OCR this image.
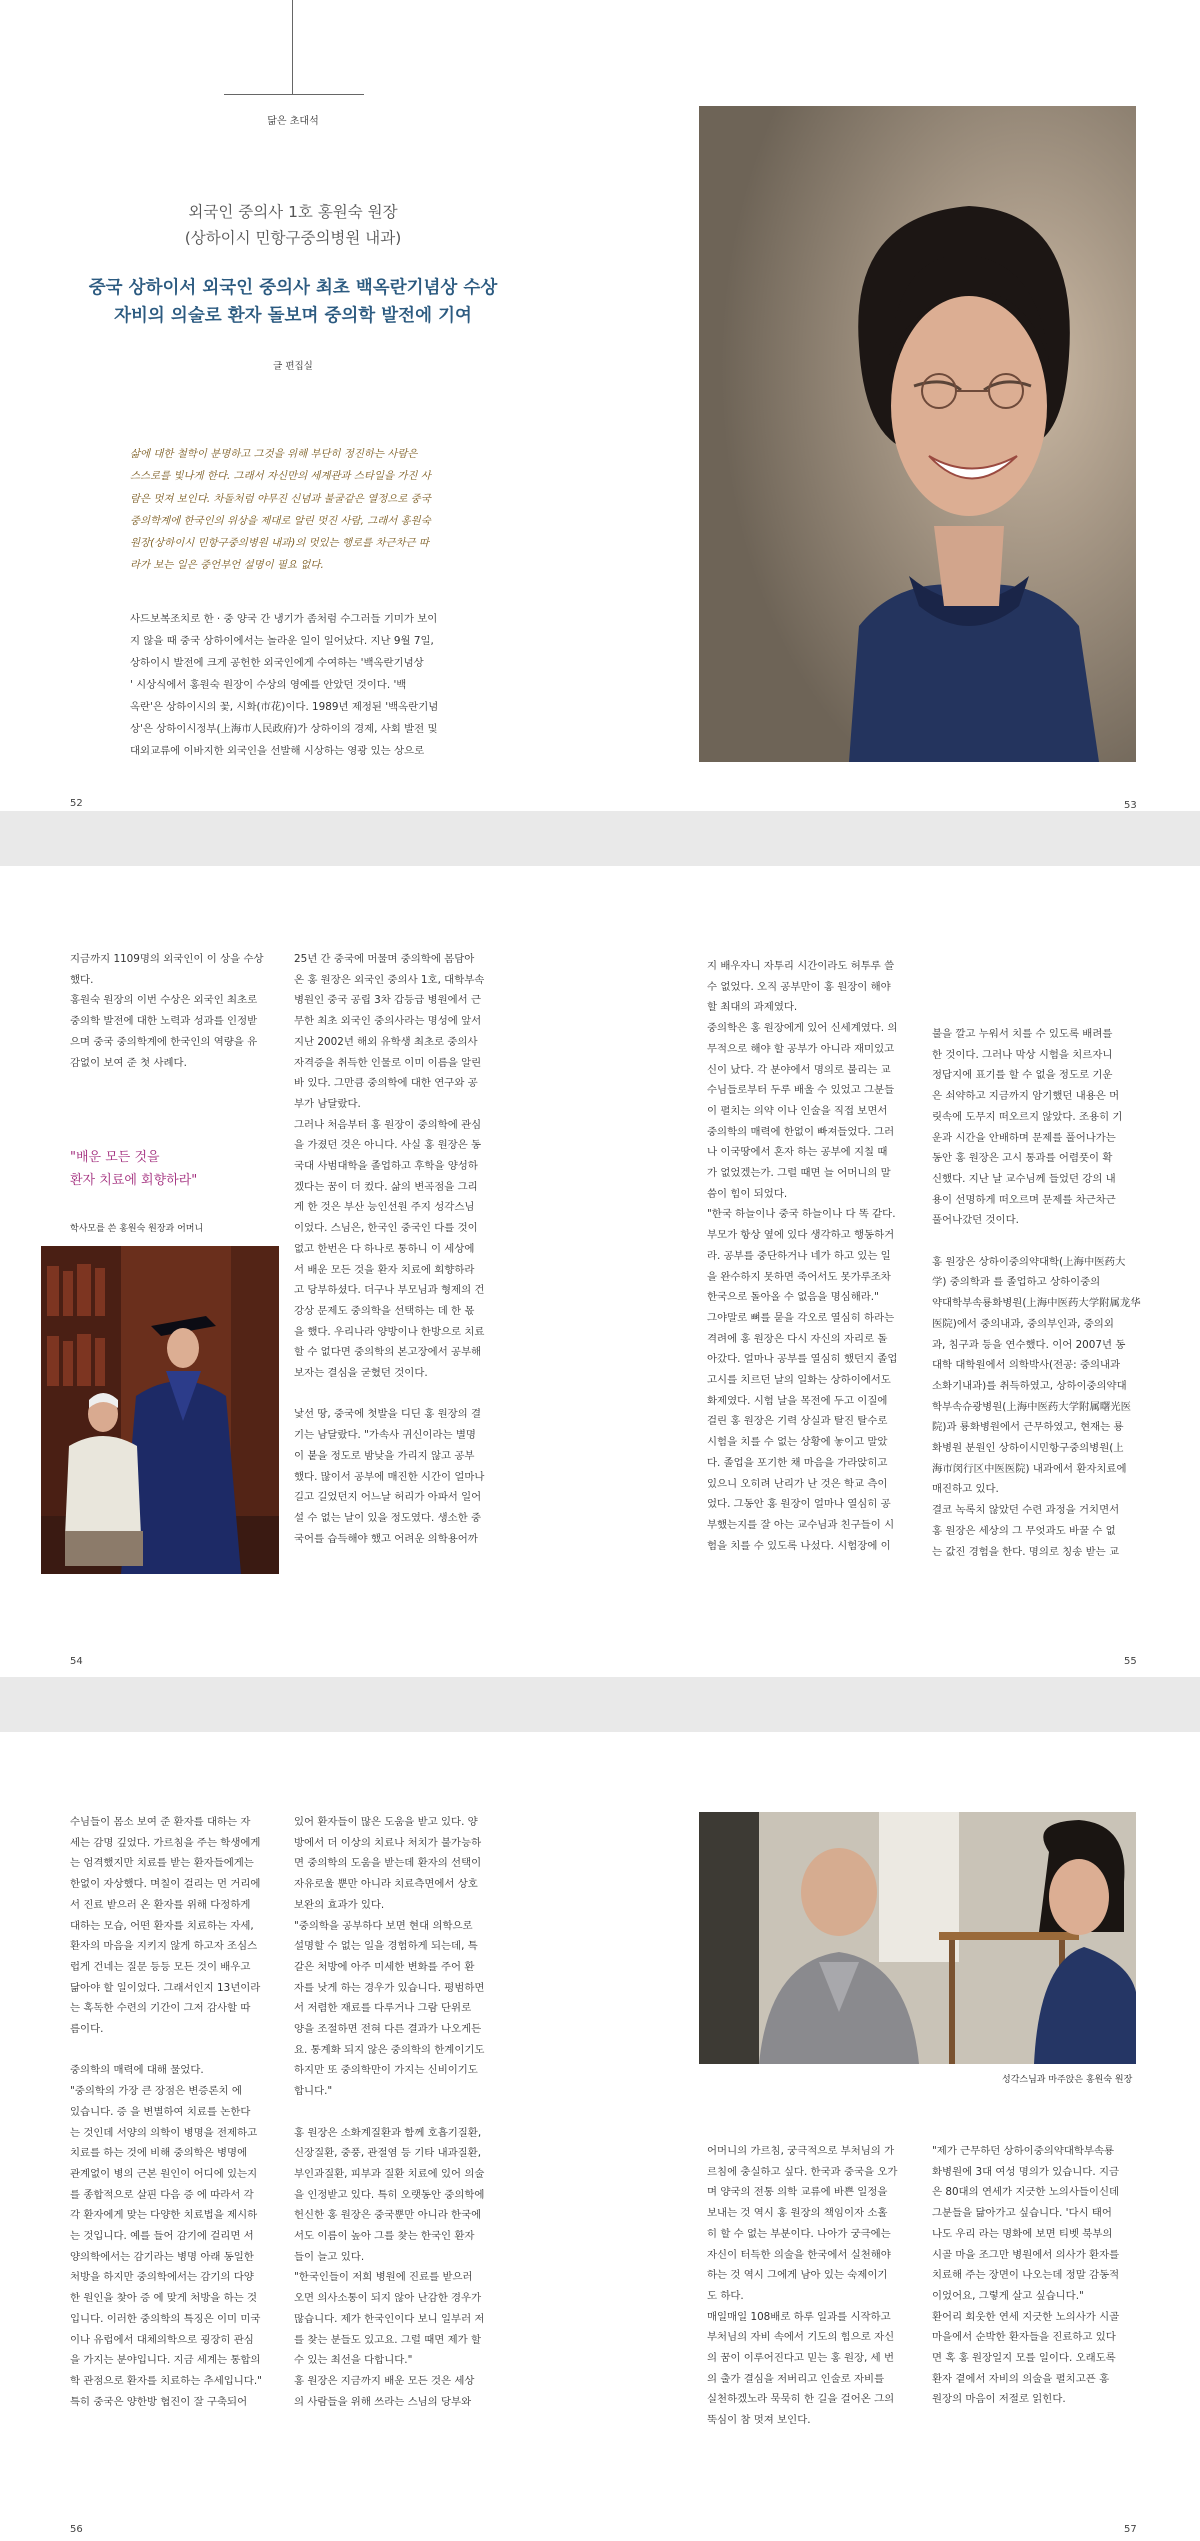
닮은 초대석
외국인 중의사 1호 홍원숙 원장
(상하이시 민항구중의병원 내과)
중국 상하이서 외국인 중의사 최초 백옥란기념상 수상
자비의 의술로 환자 돌보며 중의학 발전에 기여
글 편집실

삶에 대한 철학이 분명하고 그것을 위해 부단히 정진하는 사람은

스스로를 빛나게 한다. 그래서 자신만의 세계관과 스타일을 가진 사

람은 멋져 보인다. 차돌처럼 야무진 신념과 불굴같은 열정으로 중국

중의학계에 한국인의 위상을 제대로 알린 멋진 사람, 그래서 홍원숙

원장(상하이시 민항구중의병원 내과)의 멋있는 행로를 차근차근 따

라가 보는 일은 중언부언 설명이 필요 없다.

사드보복조치로 한 · 중 양국 간 냉기가 좀처럼 수그러들 기미가 보이

지 않을 때 중국 상하이에서는 놀라운 일이 일어났다. 지난 9월 7일,

상하이시 발전에 크게 공헌한 외국인에게 수여하는 '백옥란기념상

' 시상식에서 홍원숙 원장이 수상의 영예를 안았던 것이다. '백

옥란'은 상하이시의 꽃, 시화(市花)이다. 1989년 제정된 '백옥란기념

상'은 상하이시정부(上海市人民政府)가 상하이의 경제, 사회 발전 및

대외교류에 이바지한 외국인을 선발해 시상하는 영광 있는 상으로

52	53

지금까지 1109명의 외국인이 이 상을 수상

했다.

홍원숙 원장의 이번 수상은 외국인 최초로

중의학 발전에 대한 노력과 성과를 인정받

으며 중국 중의학계에 한국인의 역량을 유

감없이 보여 준 첫 사례다.

"배운 모든 것을

환자 치료에 회향하라"

학사모를 쓴 홍원숙 원장과 어머니

25년 간 중국에 머물며 중의학에 몸담아

온 홍 원장은 외국인 중의사 1호, 대학부속

병원인 중국 공립 3차 갑등급 병원에서 근

무한 최초 외국인 중의사라는 명성에 앞서

지난 2002년 해외 유학생 최초로 중의사

자격증을 취득한 인물로 이미 이름을 알린

바 있다. 그만큼 중의학에 대한 연구와 공

부가 남달랐다.

그러나 처음부터 홍 원장이 중의학에 관심

을 가졌던 것은 아니다. 사실 홍 원장은 동

국대 사범대학을 졸업하고 후학을 양성하

겠다는 꿈이 더 컸다. 삶의 변곡점을 그리

게 한 것은 부산 능인선원 주지 성각스님

이었다. 스님은, 한국인 중국인 다를 것이

없고 한번은 다 하나로 통하니 이 세상에

서 배운 모든 것을 환자 치료에 회향하라

고 당부하셨다. 더구나 부모님과 형제의 건

강상 문제도 중의학을 선택하는 데 한 몫

을 했다. 우리나라 양방이나 한방으로 치료

할 수 없다면 중의학의 본고장에서 공부해

보자는 결심을 굳혔던 것이다.

낯선 땅, 중국에 첫발을 디딘 홍 원장의 결

기는 남달랐다. "가속사 귀신이라는 별명

이 붙을 정도로 밤낮을 가리지 않고 공부

했다. 많이서 공부에 매진한 시간이 얼마나

길고 길었던지 어느날 허리가 아파서 일어

설 수 없는 날이 있을 정도였다. 생소한 중

국어를 습득해야 했고 어려운 의학용어까

54

지 배우자니 자투리 시간이라도 허투루 쓸

수 없었다. 오직 공부만이 홍 원장이 해야

할 최대의 과제였다.

중의학은 홍 원장에게 있어 신세계였다. 의

무적으로 해야 할 공부가 아니라 재미있고

신이 났다. 각 분야에서 명의로 불리는 교

수님들로부터 두루 배울 수 있었고 그분들

이 펼치는 의약 이나 인술을 직접 보면서

중의학의 매력에 한없이 빠져들었다. 그러

나 이국땅에서 혼자 하는 공부에 지칠 때

가 없었겠는가. 그럴 때면 늘 어머니의 말

씀이 힘이 되었다.

"한국 하늘이나 중국 하늘이나 다 똑 같다.

부모가 항상 옆에 있다 생각하고 행동하거

라. 공부를 중단하거나 네가 하고 있는 일

을 완수하지 못하면 죽어서도 못가루조차

한국으로 돌아올 수 없음을 명심해라."

그야말로 뼈를 묻을 각오로 열심히 하라는

격려에 홍 원장은 다시 자신의 자리로 돌

아갔다. 얼마나 공부를 열심히 했던지 졸업

고시를 치르던 날의 일화는 상하이에서도

화제였다. 시험 날을 목전에 두고 이질에

걸린 홍 원장은 기력 상실과 탈진 탈수로

시험을 치를 수 없는 상황에 놓이고 말았

다. 졸업을 포기한 채 마음을 가라앉히고

있으니 오히려 난리가 난 것은 학교 측이

었다. 그동안 홍 원장이 얼마나 열심히 공

부했는지를 잘 아는 교수님과 친구들이 시

험을 치를 수 있도록 나섰다. 시험장에 이

불을 깔고 누워서 치를 수 있도록 배려를

한 것이다. 그러나 막상 시험을 치르자니

정답지에 표기를 할 수 없을 정도로 기운

은 쇠약하고 지금까지 암기했던 내용은 머

릿속에 도무지 떠오르지 않았다. 조용히 기

운과 시간을 안배하며 문제를 풀어나가는

동안 홍 원장은 고시 통과를 어렴풋이 확

신했다. 지난 날 교수님께 들었던 강의 내

용이 선명하게 떠오르며 문제를 차근차근

풀어나갔던 것이다.

홍 원장은 상하이중의약대학(上海中医药大

学) 중의학과 를 졸업하고 상하이중의

약대학부속룡화병원(上海中医药大学附属龙华

医院)에서 중의내과, 중의부인과, 중의외

과, 침구과 등을 연수했다. 이어 2007년 동

대학 대학원에서 의학박사(전공: 중의내과

소화기내과)를 취득하였고, 상하이중의약대

학부속슈광병원(上海中医药大学附属曙光医

院)과 룡화병원에서 근무하였고, 현재는 룡

화병원 분원인 상하이시민항구중의병원(上

海市闵行区中医医院) 내과에서 환자치료에

매진하고 있다.

결코 녹록치 않았던 수련 과정을 거치면서

홍 원장은 세상의 그 무엇과도 바꿀 수 없

는 값진 경험을 한다. 명의로 칭송 받는 교

55

수님들이 몸소 보여 준 환자를 대하는 자

세는 감명 깊었다. 가르침을 주는 학생에게

는 엄격했지만 치료를 받는 환자들에게는

한없이 자상했다. 며칠이 걸리는 먼 거리에

서 진료 받으러 온 환자를 위해 다정하게

대하는 모습, 어떤 환자를 치료하는 자세,

환자의 마음을 지키지 않게 하고자 조심스

럽게 건네는 질문 등등 모든 것이 배우고

닮아야 할 일이었다. 그래서인지 13년이라

는 혹독한 수련의 기간이 그저 감사할 따

름이다.

중의학의 매력에 대해 물었다.

"중의학의 가장 큰 장점은 변증론치 에

있습니다. 증 을 변별하여 치료를 논한다

는 것인데 서양의 의학이 병명을 전제하고

치료를 하는 것에 비해 중의학은 병명에

관계없이 병의 근본 원인이 어디에 있는지

를 종합적으로 살핀 다음 증 에 따라서 각

각 환자에게 맞는 다양한 치료법을 제시하

는 것입니다. 예를 들어 감기에 걸리면 서

양의학에서는 감기라는 병명 아래 동일한

처방을 하지만 중의학에서는 감기의 다양

한 원인을 찾아 증 에 맞게 처방을 하는 것

입니다. 이러한 중의학의 특징은 이미 미국

이나 유럽에서 대체의학으로 굉장히 관심

을 가지는 분야입니다. 지금 세계는 통합의

학 관점으로 환자를 치료하는 추세입니다."

특히 중국은 양한방 협진이 잘 구축되어

있어 환자들이 많은 도움을 받고 있다. 양

방에서 더 이상의 치료나 처치가 불가능하

면 중의학의 도움을 받는데 환자의 선택이

자유로울 뿐만 아니라 치료측면에서 상호

보완의 효과가 있다.

"중의학을 공부하다 보면 현대 의학으로

설명할 수 없는 일을 경험하게 되는데, 특

갈은 처방에 아주 미세한 변화를 주어 환

자를 낫게 하는 경우가 있습니다. 평범하면

서 저렴한 재료를 다루거나 그람 단위로

양을 조절하면 전혀 다른 결과가 나오게든

요. 통계화 되지 않은 중의학의 한계이기도

하지만 또 중의학만이 가지는 신비이기도

합니다."

홍 원장은 소화계질환과 함께 호흡기질환,

신장질환, 중풍, 관절염 등 기타 내과질환,

부인과질환, 피부과 질환 치료에 있어 의술

을 인정받고 있다. 특히 오랫동안 중의학에

헌신한 홍 원장은 중국뿐만 아니라 한국에

서도 이름이 높아 그를 찾는 한국인 환자

들이 늘고 있다.

"한국인들이 저희 병원에 진료를 받으러

오면 의사소통이 되지 않아 난감한 경우가

많습니다. 제가 한국인이다 보니 일부러 저

를 찾는 분들도 있고요. 그럴 때면 제가 할

수 있는 최선을 다합니다."

홍 원장은 지금까지 배운 모든 것은 세상

의 사람들을 위해 쓰라는 스님의 당부와

56
성각스님과 마주앉은 홍원숙 원장

어머니의 가르침, 궁극적으로 부처님의 가

르침에 충실하고 싶다. 한국과 중국을 오가

며 양국의 전통 의학 교류에 바쁜 일정을

보내는 것 역시 홍 원장의 책임이자 소홀

히 할 수 없는 부분이다. 나아가 궁극에는

자신이 터득한 의술을 한국에서 실천해야

하는 것 역시 그에게 남아 있는 숙제이기

도 하다.

매일매일 108배로 하루 일과를 시작하고

부처님의 자비 속에서 기도의 힘으로 자신

의 꿈이 이루어진다고 믿는 홍 원장, 세 번

의 출가 결심을 저버리고 인술로 자비를

실천하겠노라 묵묵히 한 길을 걸어온 그의

뚝심이 참 멋져 보인다.

"제가 근무하던 상하이중의약대학부속룡

화병원에 3대 여성 명의가 있습니다. 지금

은 80대의 연세가 지긋한 노의사들이신데

그분들을 닮아가고 싶습니다. '다시 태어

나도 우리 라는 명화에 보면 티벳 북부의

시골 마을 조그만 병원에서 의사가 환자를

치료해 주는 장면이 나오는데 정말 감동적

이었어요, 그렇게 살고 싶습니다."

환어리 회웃한 연세 지긋한 노의사가 시골

마을에서 순박한 환자들을 진료하고 있다

면 혹 홍 원장일지 모를 일이다. 오래도록

환자 곁에서 자비의 의술을 펼치고픈 홍

원장의 마음이 저절로 읽힌다.

57
